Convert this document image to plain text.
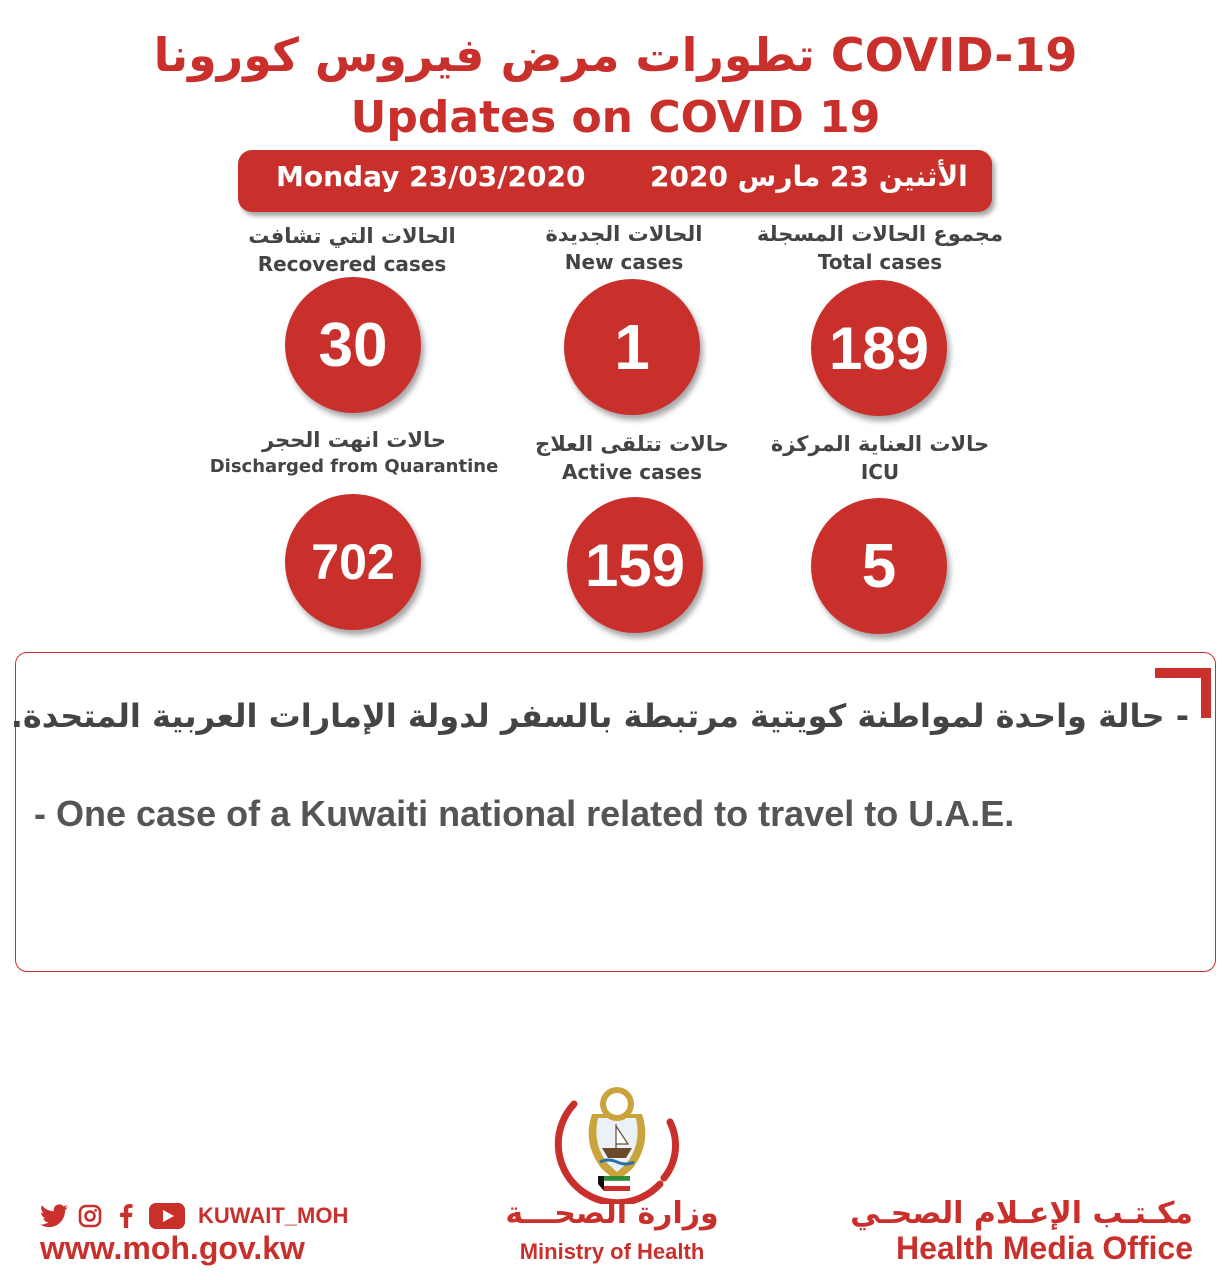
تطورات مرض فيروس كورونا COVID-19
Updates on COVID 19
Monday 23/03/2020 الأثنين 23 مارس 2020
الحالات التي تشافت
Recovered cases
30
الحالات الجديدة
New cases
1
مجموع الحالات المسجلة
Total cases
189
حالات انهت الحجر
Discharged from Quarantine
702
حالات تتلقى العلاج
Active cases
159
حالات العناية المركزة
ICU
5
- حالة واحدة لمواطنة كويتية مرتبطة بالسفر لدولة الإمارات العربية المتحدة.
- One case of a Kuwaiti national related to travel to U.A.E.
KUWAIT_MOH
www.moh.gov.kw
وزارة الصحـــة
Ministry of Health
مكـتـب الإعـلام الصحـي
Health Media Office
